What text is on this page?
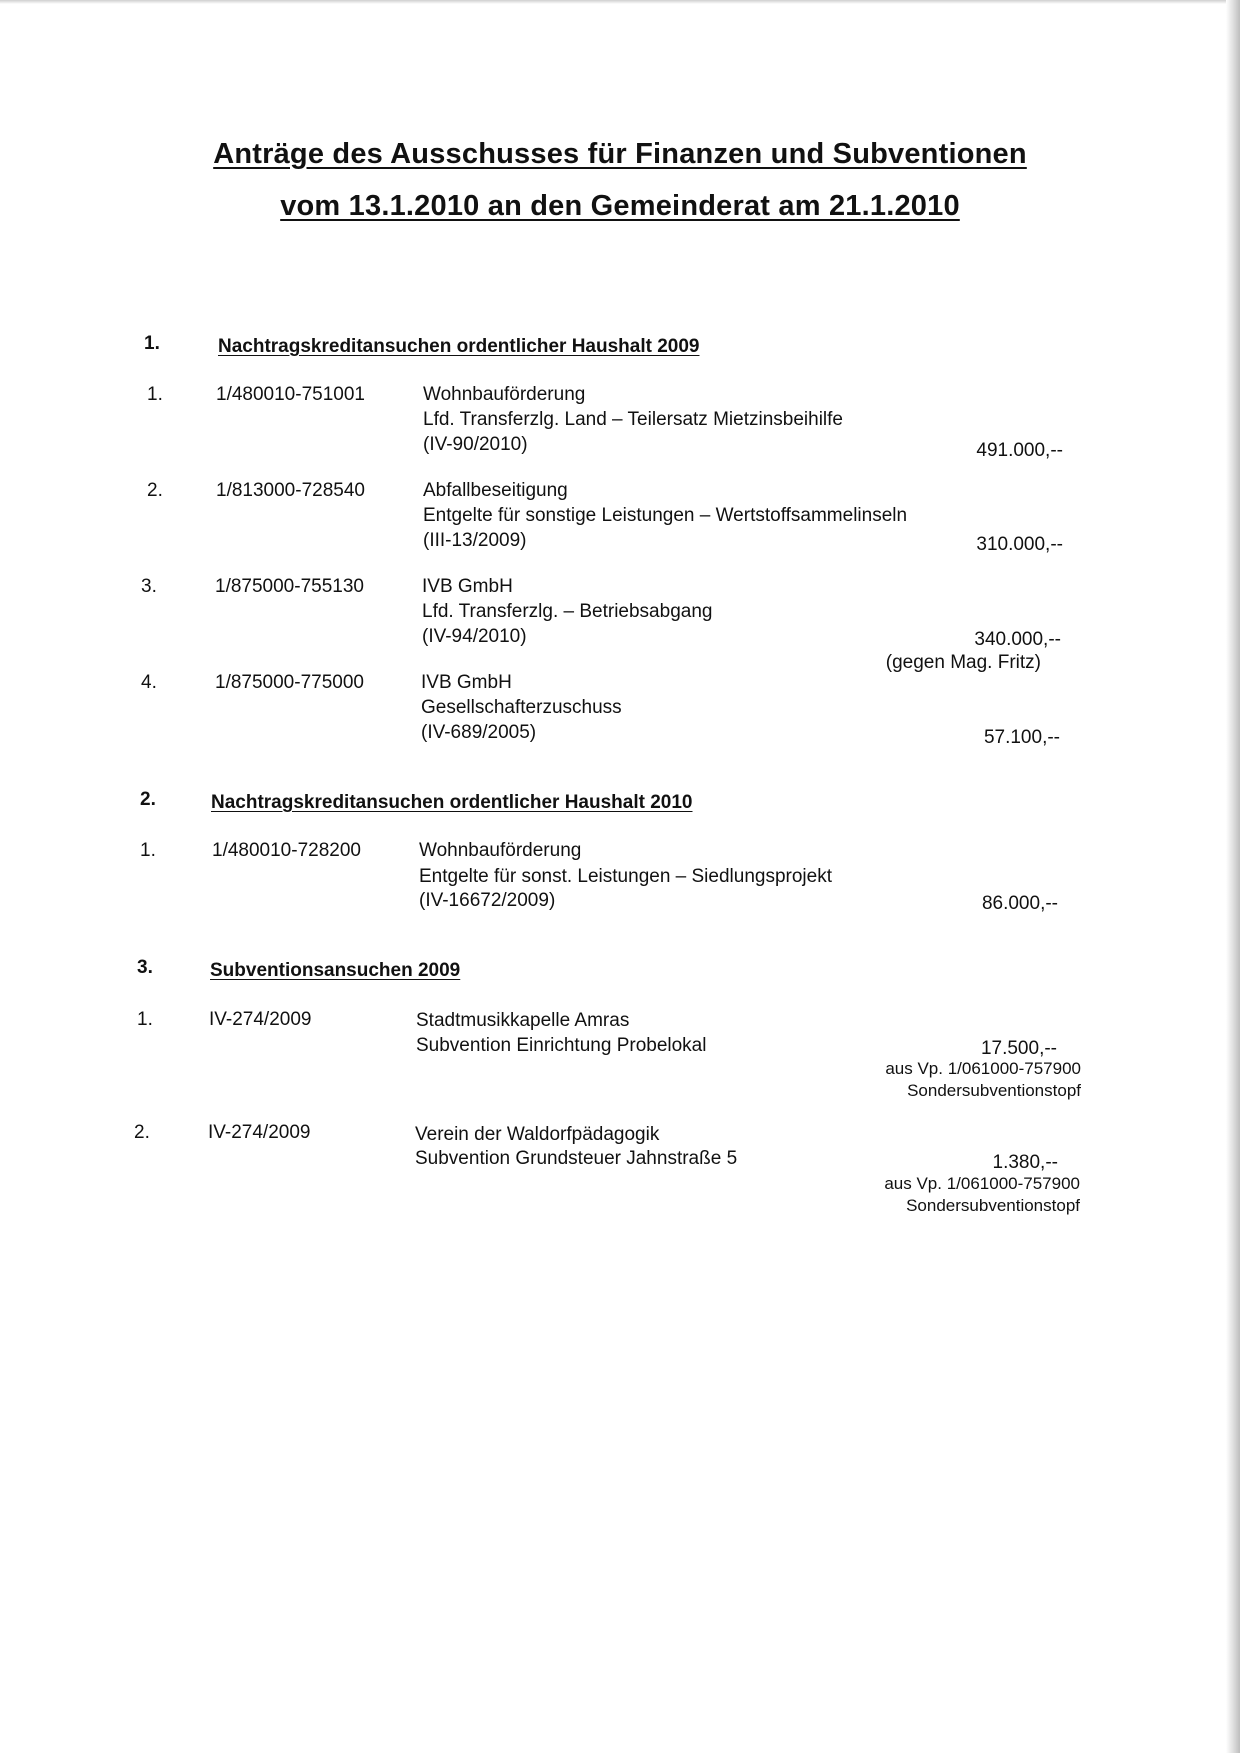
Anträge des Ausschusses für Finanzen und Subventionen
vom 13.1.2010 an den Gemeinderat am 21.1.2010
1.	Nachtragskreditansuchen ordentlicher Haushalt 2009
1.	1/480010-751001	Wohnbauförderung
Lfd. Transferzlg. Land – Teilersatz Mietzinsbeihilfe
(IV-90/2010)	491.000,--
2.	1/813000-728540	Abfallbeseitigung
Entgelte für sonstige Leistungen – Wertstoffsammelinseln
(III-13/2009)	310.000,--
3.	1/875000-755130	IVB GmbH
Lfd. Transferzlg. – Betriebsabgang
(IV-94/2010)	340.000,--
(gegen Mag. Fritz)
4.	1/875000-775000	IVB GmbH
Gesellschafterzuschuss
(IV-689/2005)	57.100,--
2.	Nachtragskreditansuchen ordentlicher Haushalt 2010
1.	1/480010-728200	Wohnbauförderung
Entgelte für sonst. Leistungen – Siedlungsprojekt
(IV-16672/2009)	86.000,--
3.	Subventionsansuchen 2009
1.	IV-274/2009	Stadtmusikkapelle Amras
Subvention Einrichtung Probelokal	17.500,--
aus Vp. 1/061000-757900
Sondersubventionstopf
2.	IV-274/2009	Verein der Waldorfpädagogik
Subvention Grundsteuer Jahnstraße 5	1.380,--
aus Vp. 1/061000-757900
Sondersubventionstopf
